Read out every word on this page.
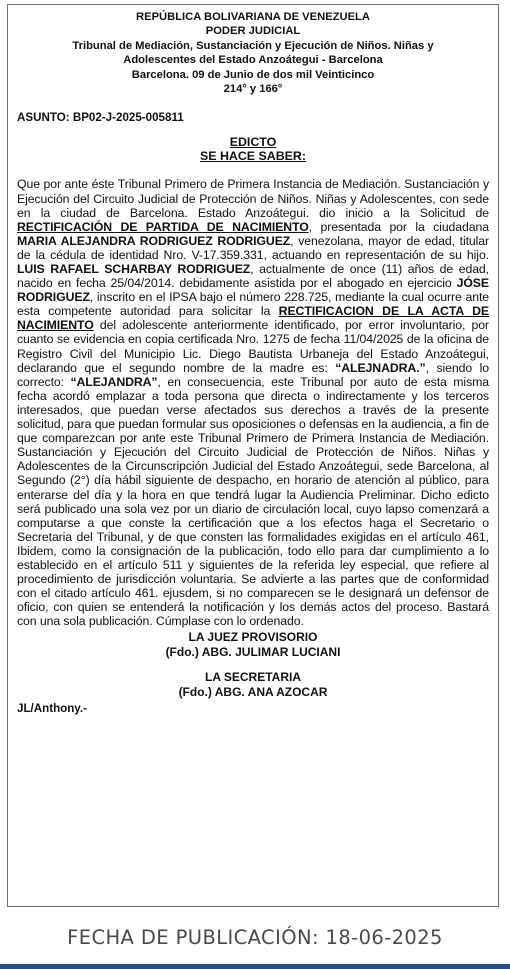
REPÚBLICA BOLIVARIANA DE VENEZUELA
PODER JUDICIAL
Tribunal de Mediación, Sustanciación y Ejecución de Niños. Niñas y
Adolescentes del Estado Anzoátegui - Barcelona
Barcelona. 09 de Junio de dos mil Veinticinco
214° y 166°
ASUNTO: BP02-J-2025-005811
EDICTO
SE HACE SABER:
Que por ante éste Tribunal Primero de Primera Instancia de Mediación. Sustanciación y Ejecución del Circuito Judicial de Protección de Niños. Niñas y Adolescentes, con sede en la ciudad de Barcelona. Estado Anzoátegui. dio inicio a la Solicitud de RECTIFICACIÓN DE PARTIDA DE NACIMIENTO, presentada por la ciudadana MARIA ALEJANDRA RODRIGUEZ RODRIGUEZ, venezolana, mayor de edad, titular de la cédula de identidad Nro. V-17.359.331, actuando en representación de su hijo. LUIS RAFAEL SCHARBAY RODRIGUEZ, actualmente de once (11) años de edad, nacido en fecha 25/04/2014. debidamente asistida por el abogado en ejercicio JÓSE RODRIGUEZ, inscrito en el IPSA bajo el número 228.725, mediante la cual ocurre ante esta competente autoridad para solicitar la RECTIFICACION DE LA ACTA DE NACIMIENTO del adolescente anteriormente identificado, por error involuntario, por cuanto se evidencia en copia certificada Nro. 1275 de fecha 11/04/2025 de la oficina de Registro Civil del Municipio Lic. Diego Bautista Urbaneja del Estado Anzoátegui, declarando que el segundo nombre de la madre es: “ALEJNADRA.”, siendo lo correcto: “ALEJANDRA”, en consecuencia, este Tribunal por auto de esta misma fecha acordó emplazar a toda persona que directa o indirectamente y los terceros interesados, que puedan verse afectados sus derechos a través de la presente solicitud, para que puedan formular sus oposiciones o defensas en la audiencia, a fin de que comparezcan por ante este Tribunal Primero de Primera Instancia de Mediación. Sustanciación y Ejecución del Circuito Judicial de Protección de Niños. Niñas y Adolescentes de la Circunscripción Judicial del Estado Anzoátegui, sede Barcelona, al Segundo (2°) día hábil siguiente de despacho, en horario de atención al público, para enterarse del día y la hora en que tendrá lugar la Audiencia Preliminar. Dicho edicto será publicado una sola vez por un diario de circulación local, cuyo lapso comenzará a computarse a que conste la certificación que a los efectos haga el Secretario o Secretaria del Tribunal, y de que consten las formalidades exigidas en el artículo 461, Ibidem, como la consignación de la publicación, todo ello para dar cumplimiento a lo establecido en el artículo 511 y siguientes de la referida ley especial, que refiere al procedimiento de jurisdicción voluntaria. Se advierte a las partes que de conformidad con el citado artículo 461. ejusdem, si no comparecen se le designará un defensor de oficio, con quien se entenderá la notificación y los demás actos del proceso. Bastará con una sola publicación. Cúmplase con lo ordenado.
LA JUEZ PROVISORIO
(Fdo.) ABG. JULIMAR LUCIANI
LA SECRETARIA
(Fdo.) ABG. ANA AZOCAR
JL/Anthony.-
FECHA DE PUBLICACIÓN: 18-06-2025
